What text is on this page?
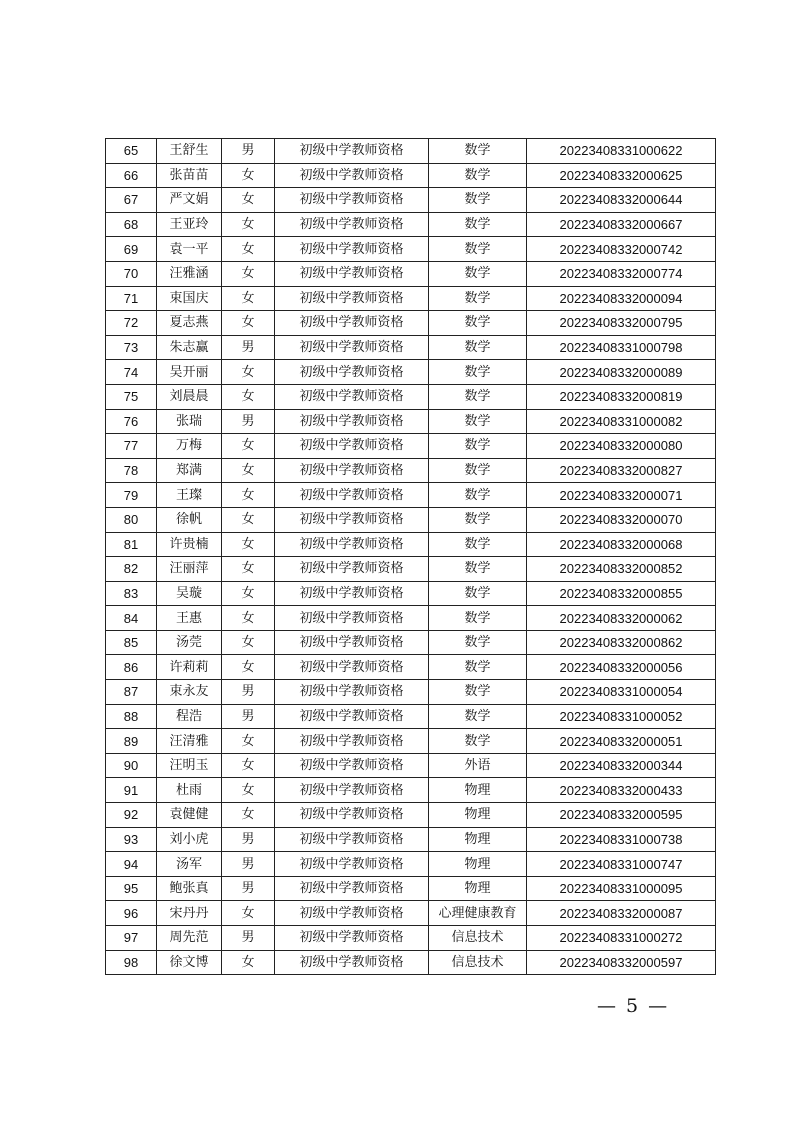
65	王舒生	男	初级中学教师资格	数学	20223408331000622
66	张苗苗	女	初级中学教师资格	数学	20223408332000625
67	严文娟	女	初级中学教师资格	数学	20223408332000644
68	王亚玲	女	初级中学教师资格	数学	20223408332000667
69	袁一平	女	初级中学教师资格	数学	20223408332000742
70	汪雅涵	女	初级中学教师资格	数学	20223408332000774
71	束国庆	女	初级中学教师资格	数学	20223408332000094
72	夏志燕	女	初级中学教师资格	数学	20223408332000795
73	朱志赢	男	初级中学教师资格	数学	20223408331000798
74	吴开丽	女	初级中学教师资格	数学	20223408332000089
75	刘晨晨	女	初级中学教师资格	数学	20223408332000819
76	张瑞	男	初级中学教师资格	数学	20223408331000082
77	万梅	女	初级中学教师资格	数学	20223408332000080
78	郑满	女	初级中学教师资格	数学	20223408332000827
79	王璨	女	初级中学教师资格	数学	20223408332000071
80	徐帆	女	初级中学教师资格	数学	20223408332000070
81	许贵楠	女	初级中学教师资格	数学	20223408332000068
82	汪丽萍	女	初级中学教师资格	数学	20223408332000852
83	吴璇	女	初级中学教师资格	数学	20223408332000855
84	王惠	女	初级中学教师资格	数学	20223408332000062
85	汤莞	女	初级中学教师资格	数学	20223408332000862
86	许莉莉	女	初级中学教师资格	数学	20223408332000056
87	束永友	男	初级中学教师资格	数学	20223408331000054
88	程浩	男	初级中学教师资格	数学	20223408331000052
89	汪清雅	女	初级中学教师资格	数学	20223408332000051
90	汪明玉	女	初级中学教师资格	外语	20223408332000344
91	杜雨	女	初级中学教师资格	物理	20223408332000433
92	袁健健	女	初级中学教师资格	物理	20223408332000595
93	刘小虎	男	初级中学教师资格	物理	20223408331000738
94	汤军	男	初级中学教师资格	物理	20223408331000747
95	鲍张真	男	初级中学教师资格	物理	20223408331000095
96	宋丹丹	女	初级中学教师资格	心理健康教育	20223408332000087
97	周先范	男	初级中学教师资格	信息技术	20223408331000272
98	徐文博	女	初级中学教师资格	信息技术	20223408332000597
— 5 —
